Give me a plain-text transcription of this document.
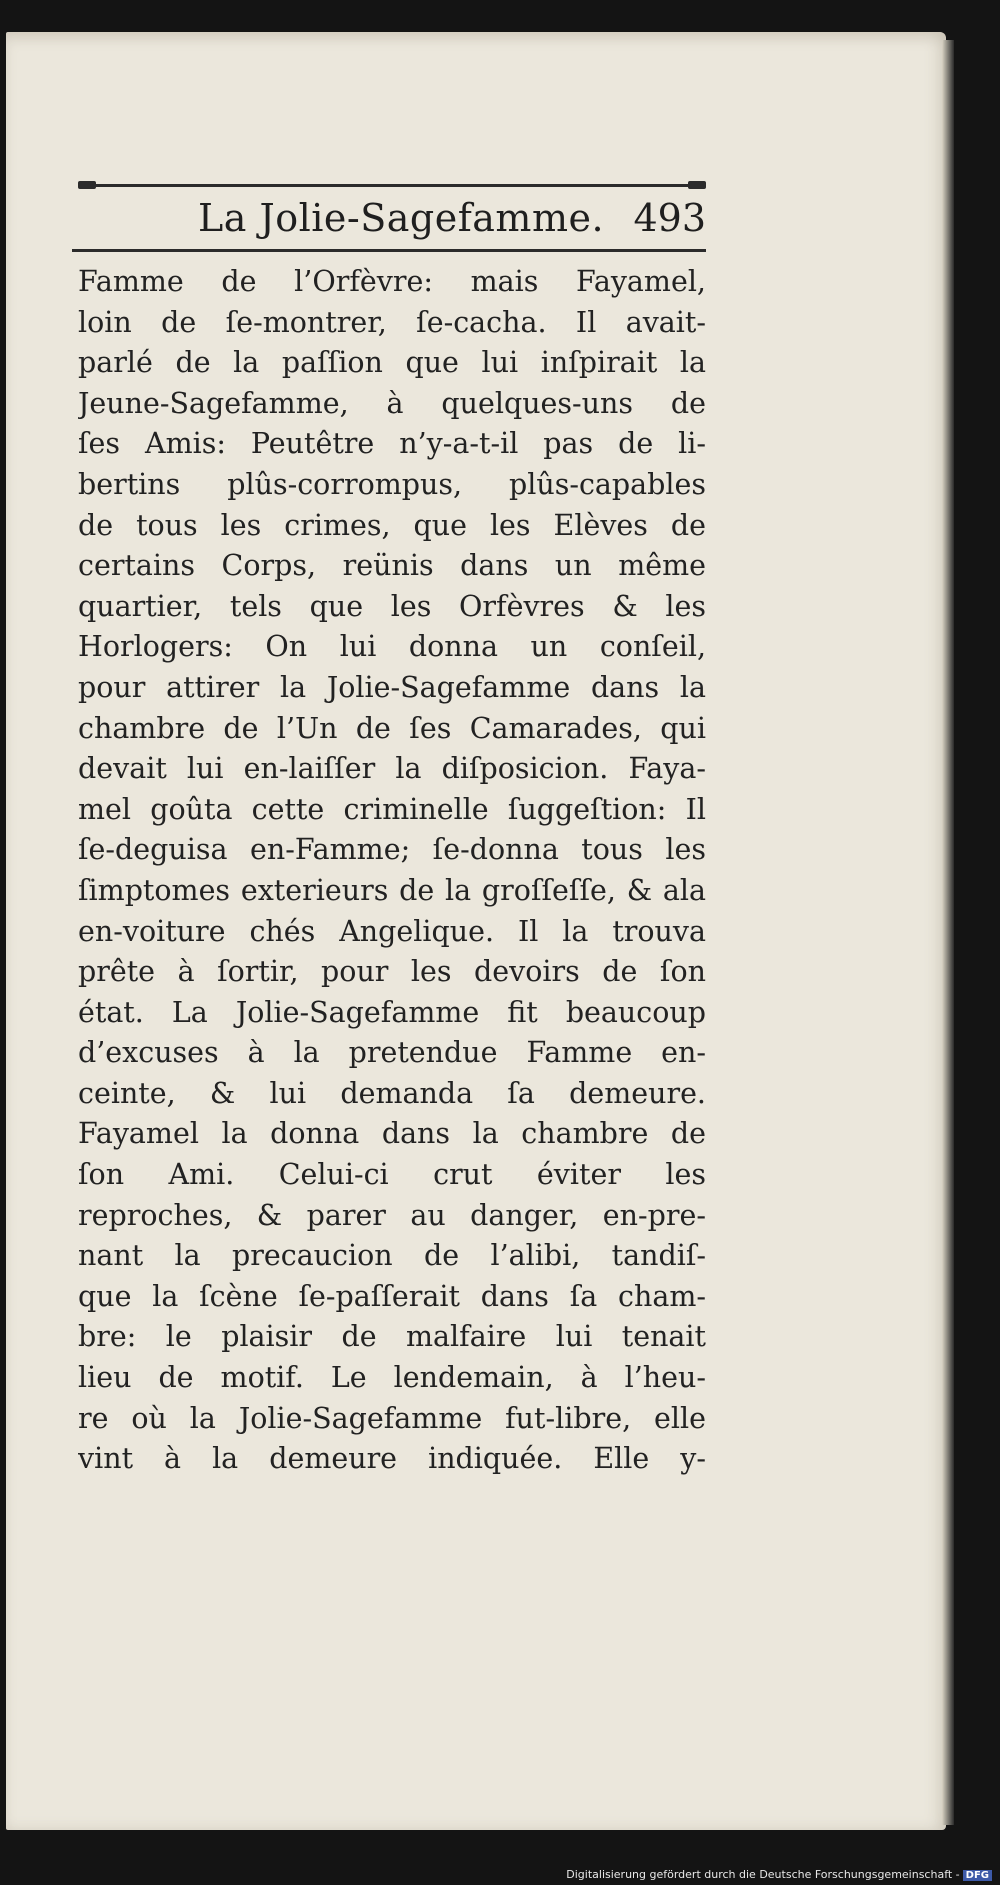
La Jolie-Sagefamme. 493
Famme de l’Orfèvre: mais Fayamel,
loin de ſe-montrer, ſe-cacha. Il avait-
parlé de la paſſion que lui inſpirait la
Jeune-Sagefamme, à quelques-uns de
ſes Amis: Peutêtre n’y-a-t-il pas de li-
bertins plûs-corrompus, plûs-capables
de tous les crimes, que les Elèves de
certains Corps, reünis dans un même
quartier, tels que les Orfèvres & les
Horlogers: On lui donna un conſeil,
pour attirer la Jolie-Sagefamme dans la
chambre de l’Un de ſes Camarades, qui
devait lui en-laiſſer la diſposicion. Faya-
mel goûta cette criminelle ſuggeſtion: Il
ſe-deguisa en-Famme; ſe-donna tous les
ſimptomes exterieurs de la groſſeſſe, & ala
en-voiture chés Angelique. Il la trouva
prête à ſortir, pour les devoirs de ſon
état. La Jolie-Sagefamme fit beaucoup
d’excuses à la pretendue Famme en-
ceinte, & lui demanda ſa demeure.
Fayamel la donna dans la chambre de
ſon Ami. Celui-ci crut éviter les
reproches, & parer au danger, en-pre-
nant la precaucion de l’alibi, tandiſ-
que la ſcène ſe-paſſerait dans ſa cham-
bre: le plaisir de malfaire lui tenait
lieu de motif. Le lendemain, à l’heu-
re où la Jolie-Sagefamme fut-libre, elle
vint à la demeure indiquée. Elle y-
Digitalisierung gefördert durch die Deutsche Forschungsgemeinschaft - DFG
